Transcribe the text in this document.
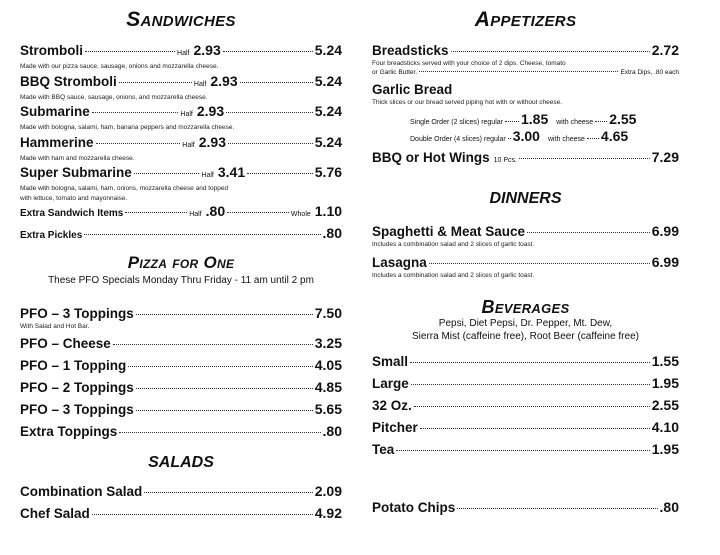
Sandwiches
Stromboli	Half 2.93	5.24
Made with our pizza sauce, sausage, onions and mozzarella cheese.
BBQ Stromboli	Half 2.93	5.24
Made with BBQ sauce, sausage, onions, and mozzarella cheese.
Submarine	Half 2.93	5.24
Made with bologna, salami, ham, banana peppers and mozzarella cheese.
Hammerine	Half 2.93	5.24
Made with ham and mozzarella cheese.
Super Submarine	Half 3.41	5.76
Made with bologna, salami, ham, onions, mozzarella cheese and topped
with lettuce, tomato and mayonnaise.
Extra Sandwich Items	Half .80	Whole 1.10
Extra Pickles	.80
Pizza for One
These PFO Specials Monday Thru Friday - 11 am until 2 pm
PFO – 3 Toppings	7.50
With Salad and Hot Bar.
PFO – Cheese	3.25
PFO – 1 Topping	4.05
PFO – 2 Toppings	4.85
PFO – 3 Toppings	5.65
Extra Toppings	.80
SALADS
Combination Salad	2.09
Chef Salad	4.92
Appetizers
Breadsticks	2.72
Four breadsticks served with your choice of 2 dips. Cheese, tomato
or Garlic Butter.	Extra Dips, .80 each
Garlic Bread
Thick slices or our bread served piping hot with or without cheese.
Single Order (2 slices) regular 1.85 with cheese 2.55
Double Order (4 slices) regular 3.00 with cheese 4.65
BBQ or Hot Wings 10 Pcs.	7.29
DINNERS
Spaghetti & Meat Sauce	6.99
Includes a combination salad and 2 slices of garlic toast.
Lasagna	6.99
Includes a combination salad and 2 slices of garlic toast.
Beverages
Pepsi, Diet Pepsi, Dr. Pepper, Mt. Dew,
Sierra Mist (caffeine free), Root Beer (caffeine free)
Small	1.55
Large	1.95
32 Oz.	2.55
Pitcher	4.10
Tea	1.95
Potato Chips	.80
